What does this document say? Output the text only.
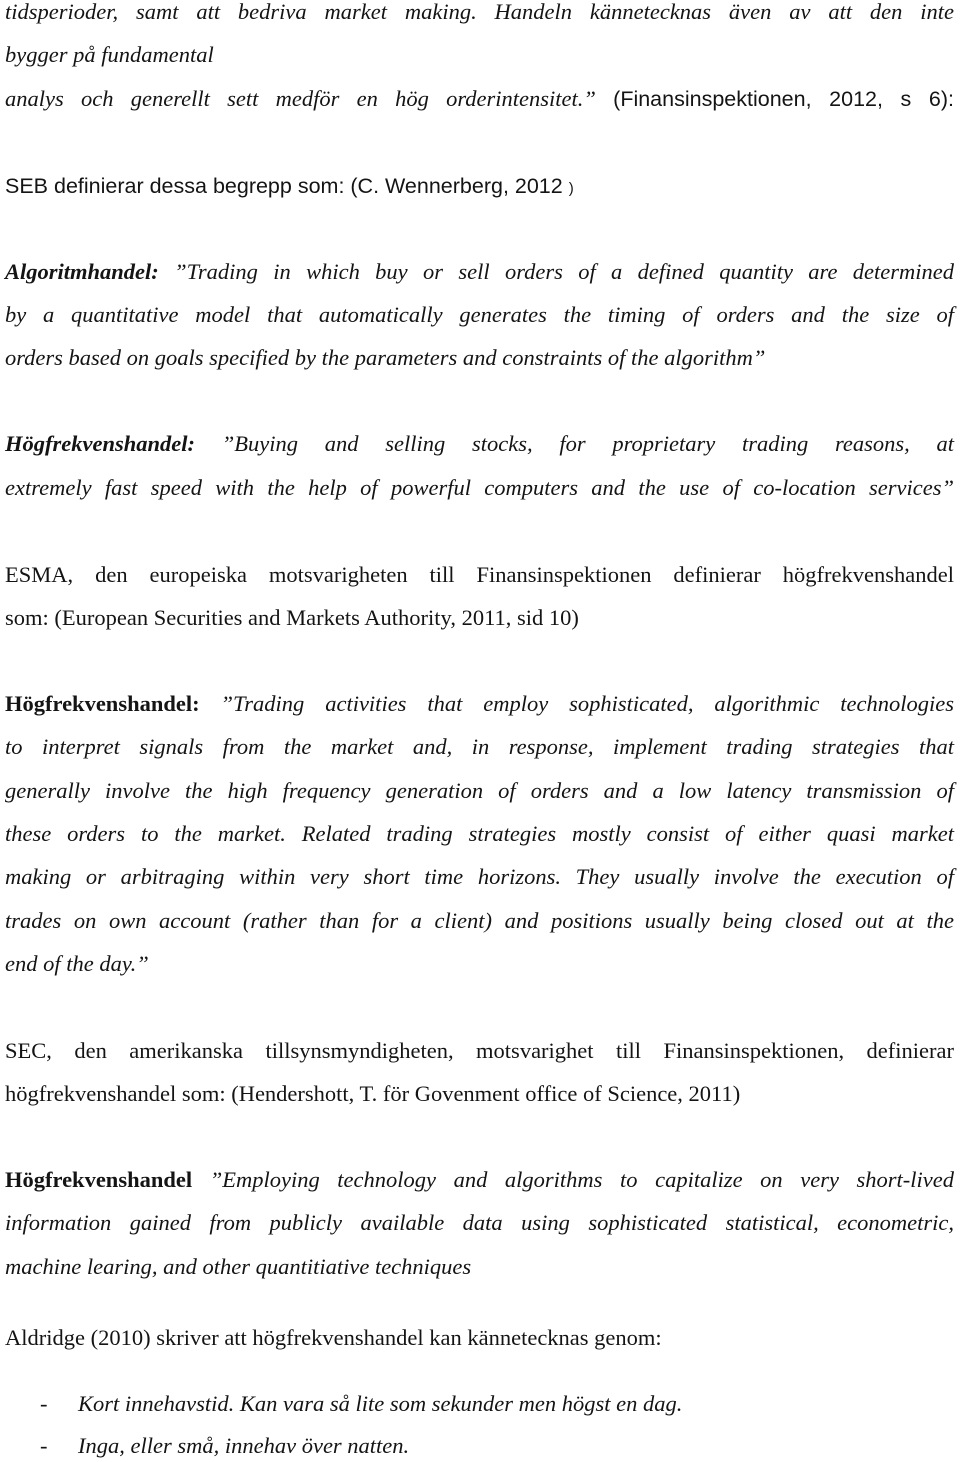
tidsperioder, samt att bedriva market making. Handeln kännetecknas även av att den inte
bygger på fundamental
analys och generellt sett medför en hög orderintensitet.” (Finansinspektionen, 2012, s 6):
SEB definierar dessa begrepp som: (C. Wennerberg, 2012 )
Algoritmhandel: ”Trading in which buy or sell orders of a defined quantity are determined
by a quantitative model that automatically generates the timing of orders and the size of
orders based on goals specified by the parameters and constraints of the algorithm”
Högfrekvenshandel: ”Buying and selling stocks, for proprietary trading reasons, at
extremely fast speed with the help of powerful computers and the use of co-location services”
ESMA, den europeiska motsvarigheten till Finansinspektionen definierar högfrekvenshandel
som: (European Securities and Markets Authority, 2011, sid 10)
Högfrekvenshandel: ”Trading activities that employ sophisticated, algorithmic technologies
to interpret signals from the market and, in response, implement trading strategies that
generally involve the high frequency generation of orders and a low latency transmission of
these orders to the market. Related trading strategies mostly consist of either quasi market
making or arbitraging within very short time horizons. They usually involve the execution of
trades on own account (rather than for a client) and positions usually being closed out at the
end of the day.”
SEC, den amerikanska tillsynsmyndigheten, motsvarighet till Finansinspektionen, definierar
högfrekvenshandel som: (Hendershott, T. för Govenment office of Science, 2011)
Högfrekvenshandel ”Employing technology and algorithms to capitalize on very short-lived
information gained from publicly available data using sophisticated statistical, econometric,
machine learing, and other quantitiative techniques
Aldridge (2010) skriver att högfrekvenshandel kan kännetecknas genom:
- Kort innehavstid. Kan vara så lite som sekunder men högst en dag.
- Inga, eller små, innehav över natten.
